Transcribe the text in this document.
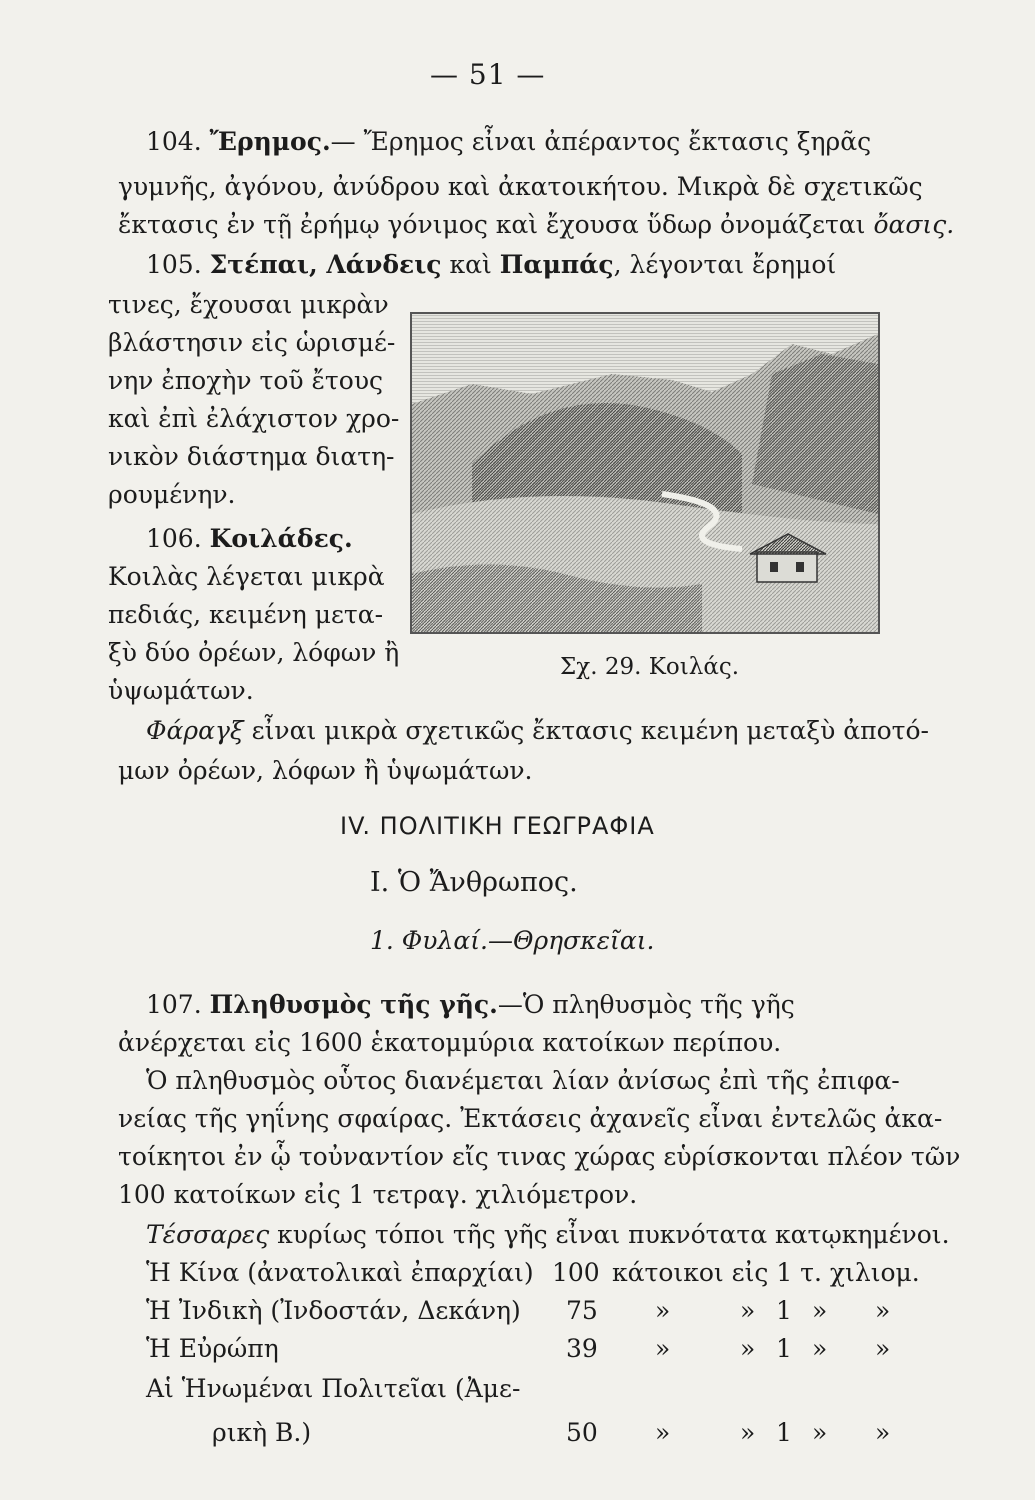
— 51 —
104. Ἔρημος.— Ἔρημος εἶναι ἀπέραντος ἔκτασις ξηρᾶς
γυμνῆς, ἀγόνου, ἀνύδρου καὶ ἀκατοικήτου. Μικρὰ δὲ σχετικῶς
ἔκτασις ἐν τῇ ἐρήμῳ γόνιμος καὶ ἔχουσα ὕδωρ ὀνομάζεται ὄασις.
105. Στέπαι, Λάνδεις καὶ Παμπάς, λέγονται ἔρημοί
τινες, ἔχουσαι μικρὰν
βλάστησιν εἰς ὡρισμέ-
νην ἐποχὴν τοῦ ἔτους
καὶ ἐπὶ ἐλάχιστον χρο-
νικὸν διάστημα διατη-
ρουμένην.
106. Κοιλάδες.
Κοιλὰς λέγεται μικρὰ
πεδιάς, κειμένη μετα-
ξὺ δύο ὀρέων, λόφων ἢ
ὑψωμάτων.
Φάραγξ εἶναι μικρὰ σχετικῶς ἔκτασις κειμένη μεταξὺ ἀποτό-
μων ὀρέων, λόφων ἢ ὑψωμάτων.
Σχ. 29. Κοιλάς.
IV. ΠΟΛΙΤΙΚΗ ΓΕΩΓΡΑΦΙΑ
I. Ὁ Ἄνθρωπος.
1. Φυλαί.—Θρησκεῖαι.
107. Πληθυσμὸς τῆς γῆς.—Ὁ πληθυσμὸς τῆς γῆς
ἀνέρχεται εἰς 1600 ἑκατομμύρια κατοίκων περίπου.
Ὁ πληθυσμὸς οὗτος διανέμεται λίαν ἀνίσως ἐπὶ τῆς ἐπιφα-
νείας τῆς γηΐνης σφαίρας. Ἐκτάσεις ἀχανεῖς εἶναι ἐντελῶς ἀκα-
τοίκητοι ἐν ᾧ τοὐναντίον εἴς τινας χώρας εὑρίσκονται πλέον τῶν
100 κατοίκων εἰς 1 τετραγ. χιλιόμετρον.
Τέσσαρες κυρίως τόποι τῆς γῆς εἶναι πυκνότατα κατῳκημένοι.
Ἡ Κίνα (ἀνατολικαὶ ἐπαρχίαι) 100 κάτοικοι εἰς 1 τ. χιλιομ.
Ἡ Ἰνδικὴ (Ἰνδοστάν, Δεκάνη) 75 »	» 1 » »
Ἡ Εὐρώπη	39 »	» 1 » »
Αἱ Ἡνωμέναι Πολιτεῖαι (Ἀμε-
ρικὴ Β.)	50 »	» 1 » »
